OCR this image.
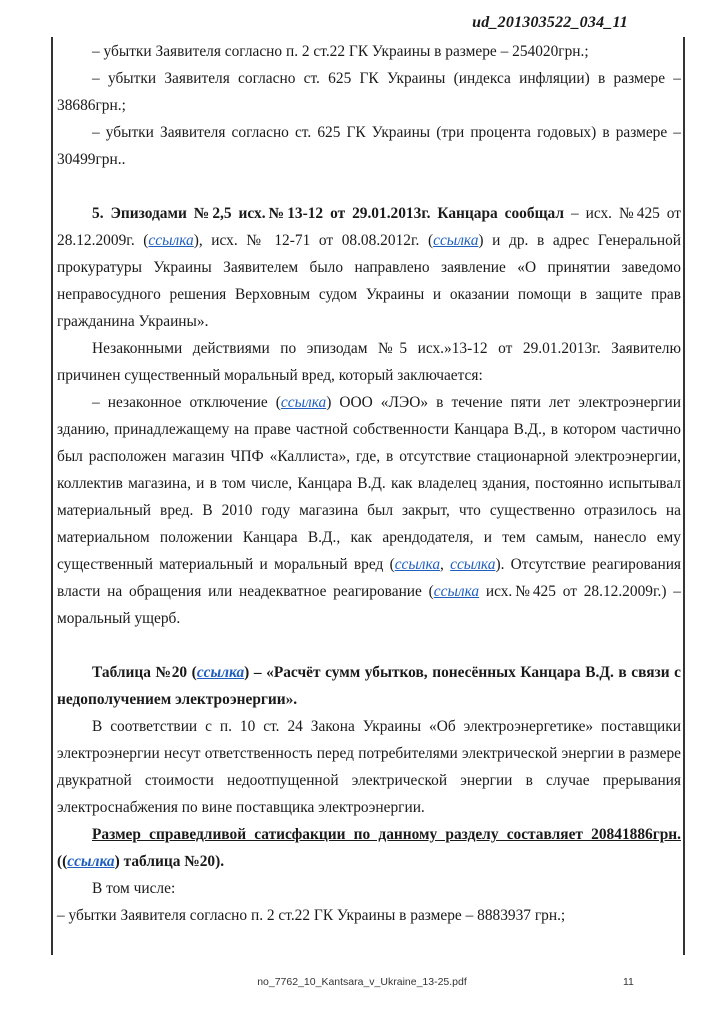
ud_201303522_034_11

– убытки Заявителя согласно п. 2 ст.22 ГК Украины в размере – 254020грн.;

– убытки Заявителя согласно ст. 625 ГК Украины (индекса инфляции) в размере – 38686грн.;

– убытки Заявителя согласно ст. 625 ГК Украины (три процента годовых) в размере – 30499грн..

5. Эпизодами №2,5 исх.№13-12 от 29.01.2013г. Канцара сообщал – исх. №425 от 28.12.2009г. (ссылка), исх. № 12-71 от 08.08.2012г. (ссылка) и др. в адрес Генеральной прокуратуры Украины Заявителем было направлено заявление «О принятии заведомо неправосудного решения Верховным судом Украины и оказании помощи в защите прав гражданина Украины».

Незаконными действиями по эпизодам №5 исх.»13-12 от 29.01.2013г. Заявителю причинен существенный моральный вред, который заключается:

– незаконное отключение (ссылка) ООО «ЛЭО» в течение пяти лет электроэнергии зданию, принадлежащему на праве частной собственности Канцара В.Д., в котором частично был расположен магазин ЧПФ «Каллиста», где, в отсутствие стационарной электроэнергии, коллектив магазина, и в том числе, Канцара В.Д. как владелец здания, постоянно испытывал материальный вред. В 2010 году магазина был закрыт, что существенно отразилось на материальном положении Канцара В.Д., как арендодателя, и тем самым, нанесло ему существенный материальный и моральный вред (ссылка, ссылка). Отсутствие реагирования власти на обращения или неадекватное реагирование (ссылка исх.№425 от 28.12.2009г.) – моральный ущерб.

Таблица №20 (ссылка) – «Расчёт сумм убытков, понесённых Канцара В.Д. в связи с недополучением электроэнергии».

В соответствии с п. 10 ст. 24 Закона Украины «Об электроэнергетике» поставщики электроэнергии несут ответственность перед потребителями электрической энергии в размере двукратной стоимости недоотпущенной электрической энергии в случае прерывания электроснабжения по вине поставщика электроэнергии.

Размер справедливой сатисфакции по данному разделу составляет 20841886грн. ((ссылка) таблица №20).

В том числе:

– убытки Заявителя согласно п. 2 ст.22 ГК Украины в размере – 8883937 грн.;

no_7762_10_Kantsara_v_Ukraine_13-25.pdf	11
